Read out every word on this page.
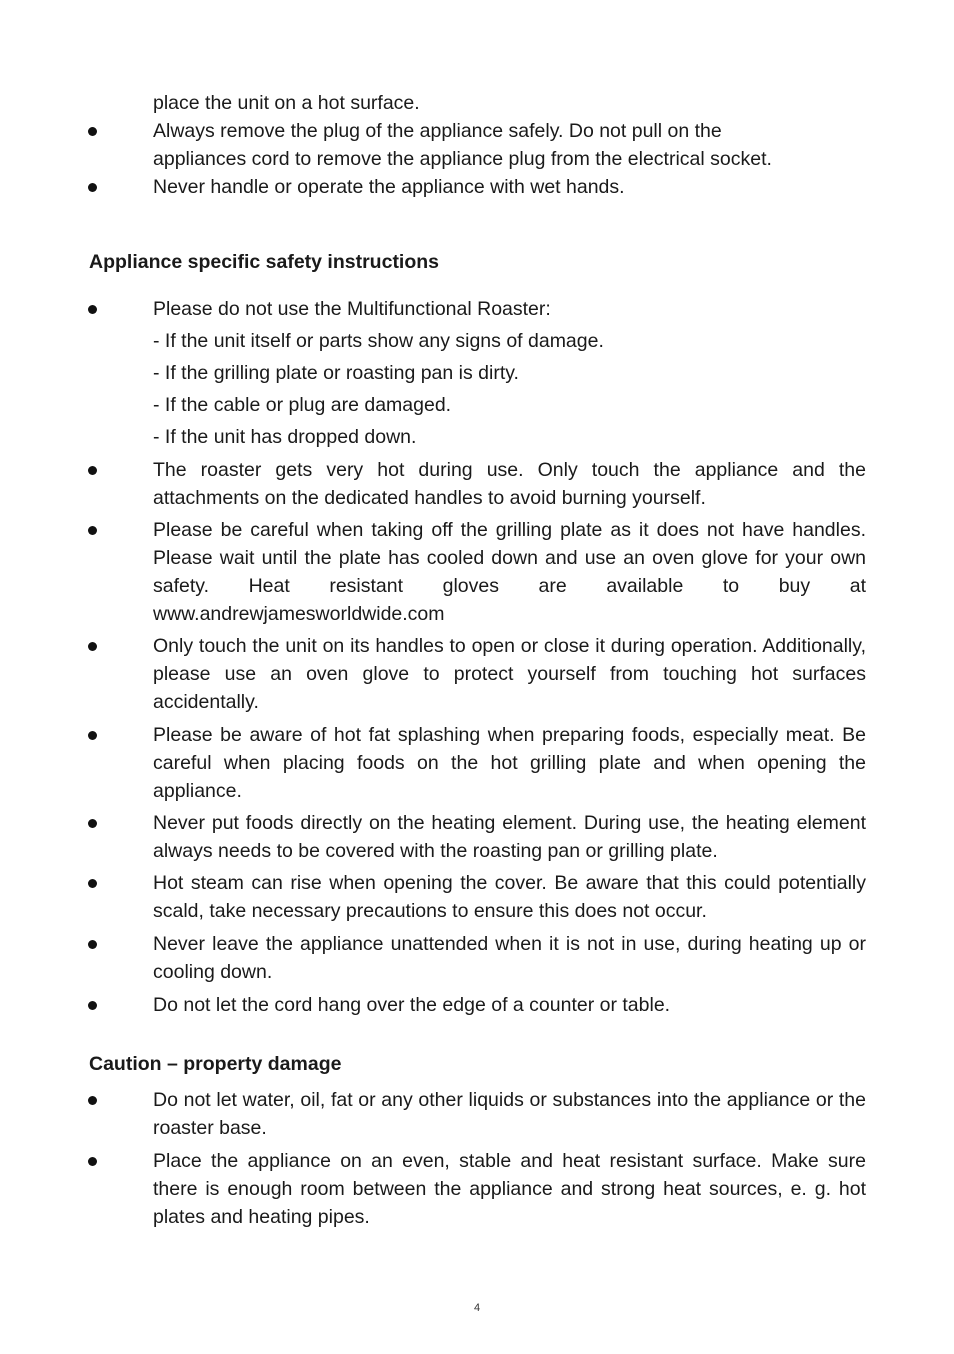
place the unit on a hot surface.
Always remove the plug of the appliance safely. Do not pull on the
appliances cord to remove the appliance plug from the electrical socket.
Never handle or operate the appliance with wet hands.
Appliance specific safety instructions
Please do not use the Multifunctional Roaster:
- If the unit itself or parts show any signs of damage.
- If the grilling plate or roasting pan is dirty.
- If the cable or plug are damaged.
- If the unit has dropped down.
The roaster gets very hot during use. Only touch the appliance and the attachments on the dedicated handles to avoid burning yourself.
Please be careful when taking off the grilling plate as it does not have handles. Please wait until the plate has cooled down and use an oven glove for your own safety. Heat resistant gloves are available to buy at www.andrewjamesworldwide.com
Only touch the unit on its handles to open or close it during operation. Additionally, please use an oven glove to protect yourself from touching hot surfaces accidentally.
Please be aware of hot fat splashing when preparing foods, especially meat. Be careful when placing foods on the hot grilling plate and when opening the appliance.
Never put foods directly on the heating element. During use, the heating element always needs to be covered with the roasting pan or grilling plate.
Hot steam can rise when opening the cover. Be aware that this could potentially scald, take necessary precautions to ensure this does not occur.
Never leave the appliance unattended when it is not in use, during heating up or cooling down.
Do not let the cord hang over the edge of a counter or table.
Caution – property damage
Do not let water, oil, fat or any other liquids or substances into the appliance or the roaster base.
Place the appliance on an even, stable and heat resistant surface. Make sure there is enough room between the appliance and strong heat sources, e. g. hot plates and heating pipes.
4
